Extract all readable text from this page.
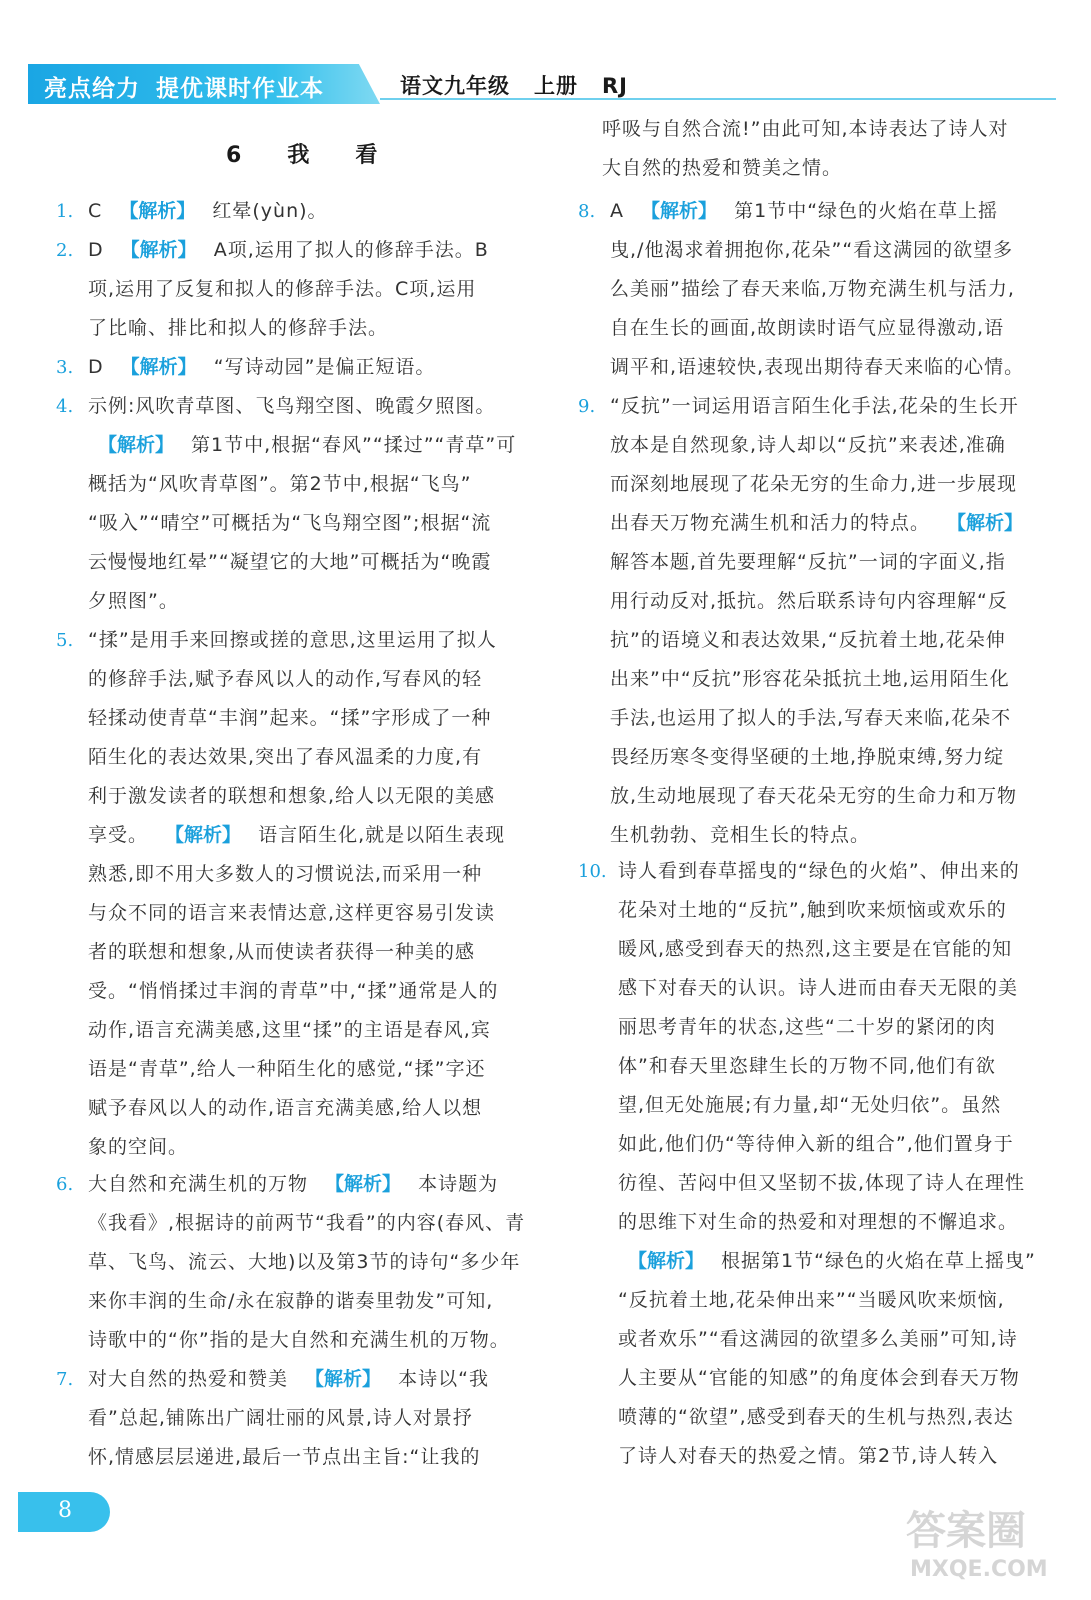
亮点给力 提优课时作业本	语文九年级 上册 RJ
6 我 看
1. C 【解析】 红晕(yùn)。
2. D 【解析】 A项,运用了拟人的修辞手法。B
项,运用了反复和拟人的修辞手法。C项,运用
了比喻、排比和拟人的修辞手法。
3. D 【解析】 “写诗动园”是偏正短语。
4. 示例:风吹青草图、飞鸟翔空图、晚霞夕照图。
【解析】 第1节中,根据“春风”“揉过”“青草”可
概括为“风吹青草图”。第2节中,根据“飞鸟”
“吸入”“晴空”可概括为“飞鸟翔空图”;根据“流
云慢慢地红晕”“凝望它的大地”可概括为“晚霞
夕照图”。
5. “揉”是用手来回擦或搓的意思,这里运用了拟人
的修辞手法,赋予春风以人的动作,写春风的轻
轻揉动使青草“丰润”起来。“揉”字形成了一种
陌生化的表达效果,突出了春风温柔的力度,有
利于激发读者的联想和想象,给人以无限的美感
享受。 【解析】 语言陌生化,就是以陌生表现
熟悉,即不用大多数人的习惯说法,而采用一种
与众不同的语言来表情达意,这样更容易引发读
者的联想和想象,从而使读者获得一种美的感
受。“悄悄揉过丰润的青草”中,“揉”通常是人的
动作,语言充满美感,这里“揉”的主语是春风,宾
语是“青草”,给人一种陌生化的感觉,“揉”字还
赋予春风以人的动作,语言充满美感,给人以想
象的空间。
6. 大自然和充满生机的万物 【解析】 本诗题为
《我看》,根据诗的前两节“我看”的内容(春风、青
草、飞鸟、流云、大地)以及第3节的诗句“多少年
来你丰润的生命/永在寂静的谐奏里勃发”可知,
诗歌中的“你”指的是大自然和充满生机的万物。
7. 对大自然的热爱和赞美 【解析】 本诗以“我
看”总起,铺陈出广阔壮丽的风景,诗人对景抒
怀,情感层层递进,最后一节点出主旨:“让我的
呼吸与自然合流!”由此可知,本诗表达了诗人对
大自然的热爱和赞美之情。
8. A 【解析】 第1节中“绿色的火焰在草上摇
曳,/他渴求着拥抱你,花朵”“看这满园的欲望多
么美丽”描绘了春天来临,万物充满生机与活力,
自在生长的画面,故朗读时语气应显得激动,语
调平和,语速较快,表现出期待春天来临的心情。
9. “反抗”一词运用语言陌生化手法,花朵的生长开
放本是自然现象,诗人却以“反抗”来表述,准确
而深刻地展现了花朵无穷的生命力,进一步展现
出春天万物充满生机和活力的特点。 【解析】
解答本题,首先要理解“反抗”一词的字面义,指
用行动反对,抵抗。然后联系诗句内容理解“反
抗”的语境义和表达效果,“反抗着土地,花朵伸
出来”中“反抗”形容花朵抵抗土地,运用陌生化
手法,也运用了拟人的手法,写春天来临,花朵不
畏经历寒冬变得坚硬的土地,挣脱束缚,努力绽
放,生动地展现了春天花朵无穷的生命力和万物
生机勃勃、竞相生长的特点。
10. 诗人看到春草摇曳的“绿色的火焰”、伸出来的
花朵对土地的“反抗”,触到吹来烦恼或欢乐的
暖风,感受到春天的热烈,这主要是在官能的知
感下对春天的认识。诗人进而由春天无限的美
丽思考青年的状态,这些“二十岁的紧闭的肉
体”和春天里恣肆生长的万物不同,他们有欲
望,但无处施展;有力量,却“无处归依”。虽然
如此,他们仍“等待伸入新的组合”,他们置身于
彷徨、苦闷中但又坚韧不拔,体现了诗人在理性
的思维下对生命的热爱和对理想的不懈追求。
【解析】 根据第1节“绿色的火焰在草上摇曳”
“反抗着土地,花朵伸出来”“当暖风吹来烦恼,
或者欢乐”“看这满园的欲望多么美丽”可知,诗
人主要从“官能的知感”的角度体会到春天万物
喷薄的“欲望”,感受到春天的生机与热烈,表达
了诗人对春天的热爱之情。第2节,诗人转入
8	答案圈
MXQE.COM
